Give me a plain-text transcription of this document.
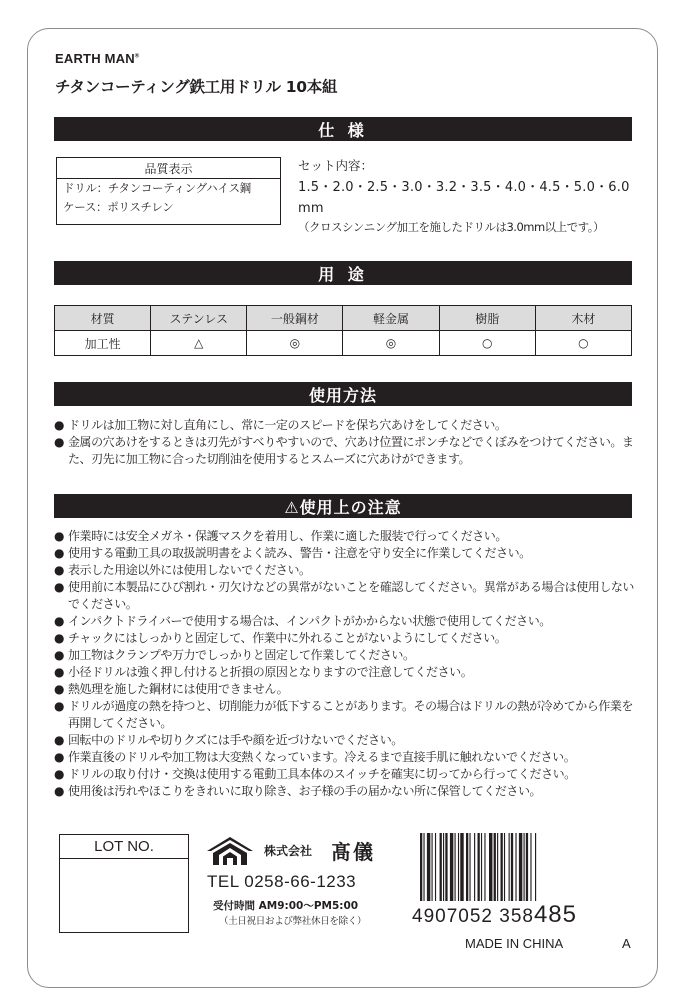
EARTH MAN®
チタンコーティング鉄工用ドリル 10本組
仕 様
品質表示
ドリル：チタンコーティングハイス鋼
ケース：ポリスチレン
セット内容：
1.5・2.0・2.5・3.0・3.2・3.5・4.0・4.5・5.0・6.0 mm
（クロスシンニング加工を施したドリルは3.0mm以上です。）
用 途
材質	ステンレス	一般鋼材	軽金属	樹脂	木材
加工性	△	◎	◎	○	○
使用方法
● ドリルは加工物に対し直角にし、常に一定のスピードを保ち穴あけをしてください。
● 金属の穴あけをするときは刃先がすべりやすいので、穴あけ位置にポンチなどでくぼみをつけてください。また、刃先に加工物に合った切削油を使用するとスムーズに穴あけができます。
⚠使用上の注意
● 作業時には安全メガネ・保護マスクを着用し、作業に適した服装で行ってください。
● 使用する電動工具の取扱説明書をよく読み、警告・注意を守り安全に作業してください。
● 表示した用途以外には使用しないでください。
● 使用前に本製品にひび割れ・刃欠けなどの異常がないことを確認してください。異常がある場合は使用しないでください。
● インパクトドライバーで使用する場合は、インパクトがかからない状態で使用してください。
● チャックにはしっかりと固定して、作業中に外れることがないようにしてください。
● 加工物はクランプや万力でしっかりと固定して作業してください。
● 小径ドリルは強く押し付けると折損の原因となりますので注意してください。
● 熱処理を施した鋼材には使用できません。
● ドリルが過度の熱を持つと、切削能力が低下することがあります。その場合はドリルの熱が冷めてから作業を再開してください。
● 回転中のドリルや切りクズには手や顔を近づけないでください。
● 作業直後のドリルや加工物は大変熱くなっています。冷えるまで直接手肌に触れないでください。
● ドリルの取り付け・交換は使用する電動工具本体のスイッチを確実に切ってから行ってください。
● 使用後は汚れやほこりをきれいに取り除き、お子様の手の届かない所に保管してください。
LOT NO.	株式会社 髙儀
TEL 0258-66-1233
受付時間 AM9:00～PM5:00
（土日祝日および弊社休日を除く） 4907052 358485
MADE IN CHINA	A
